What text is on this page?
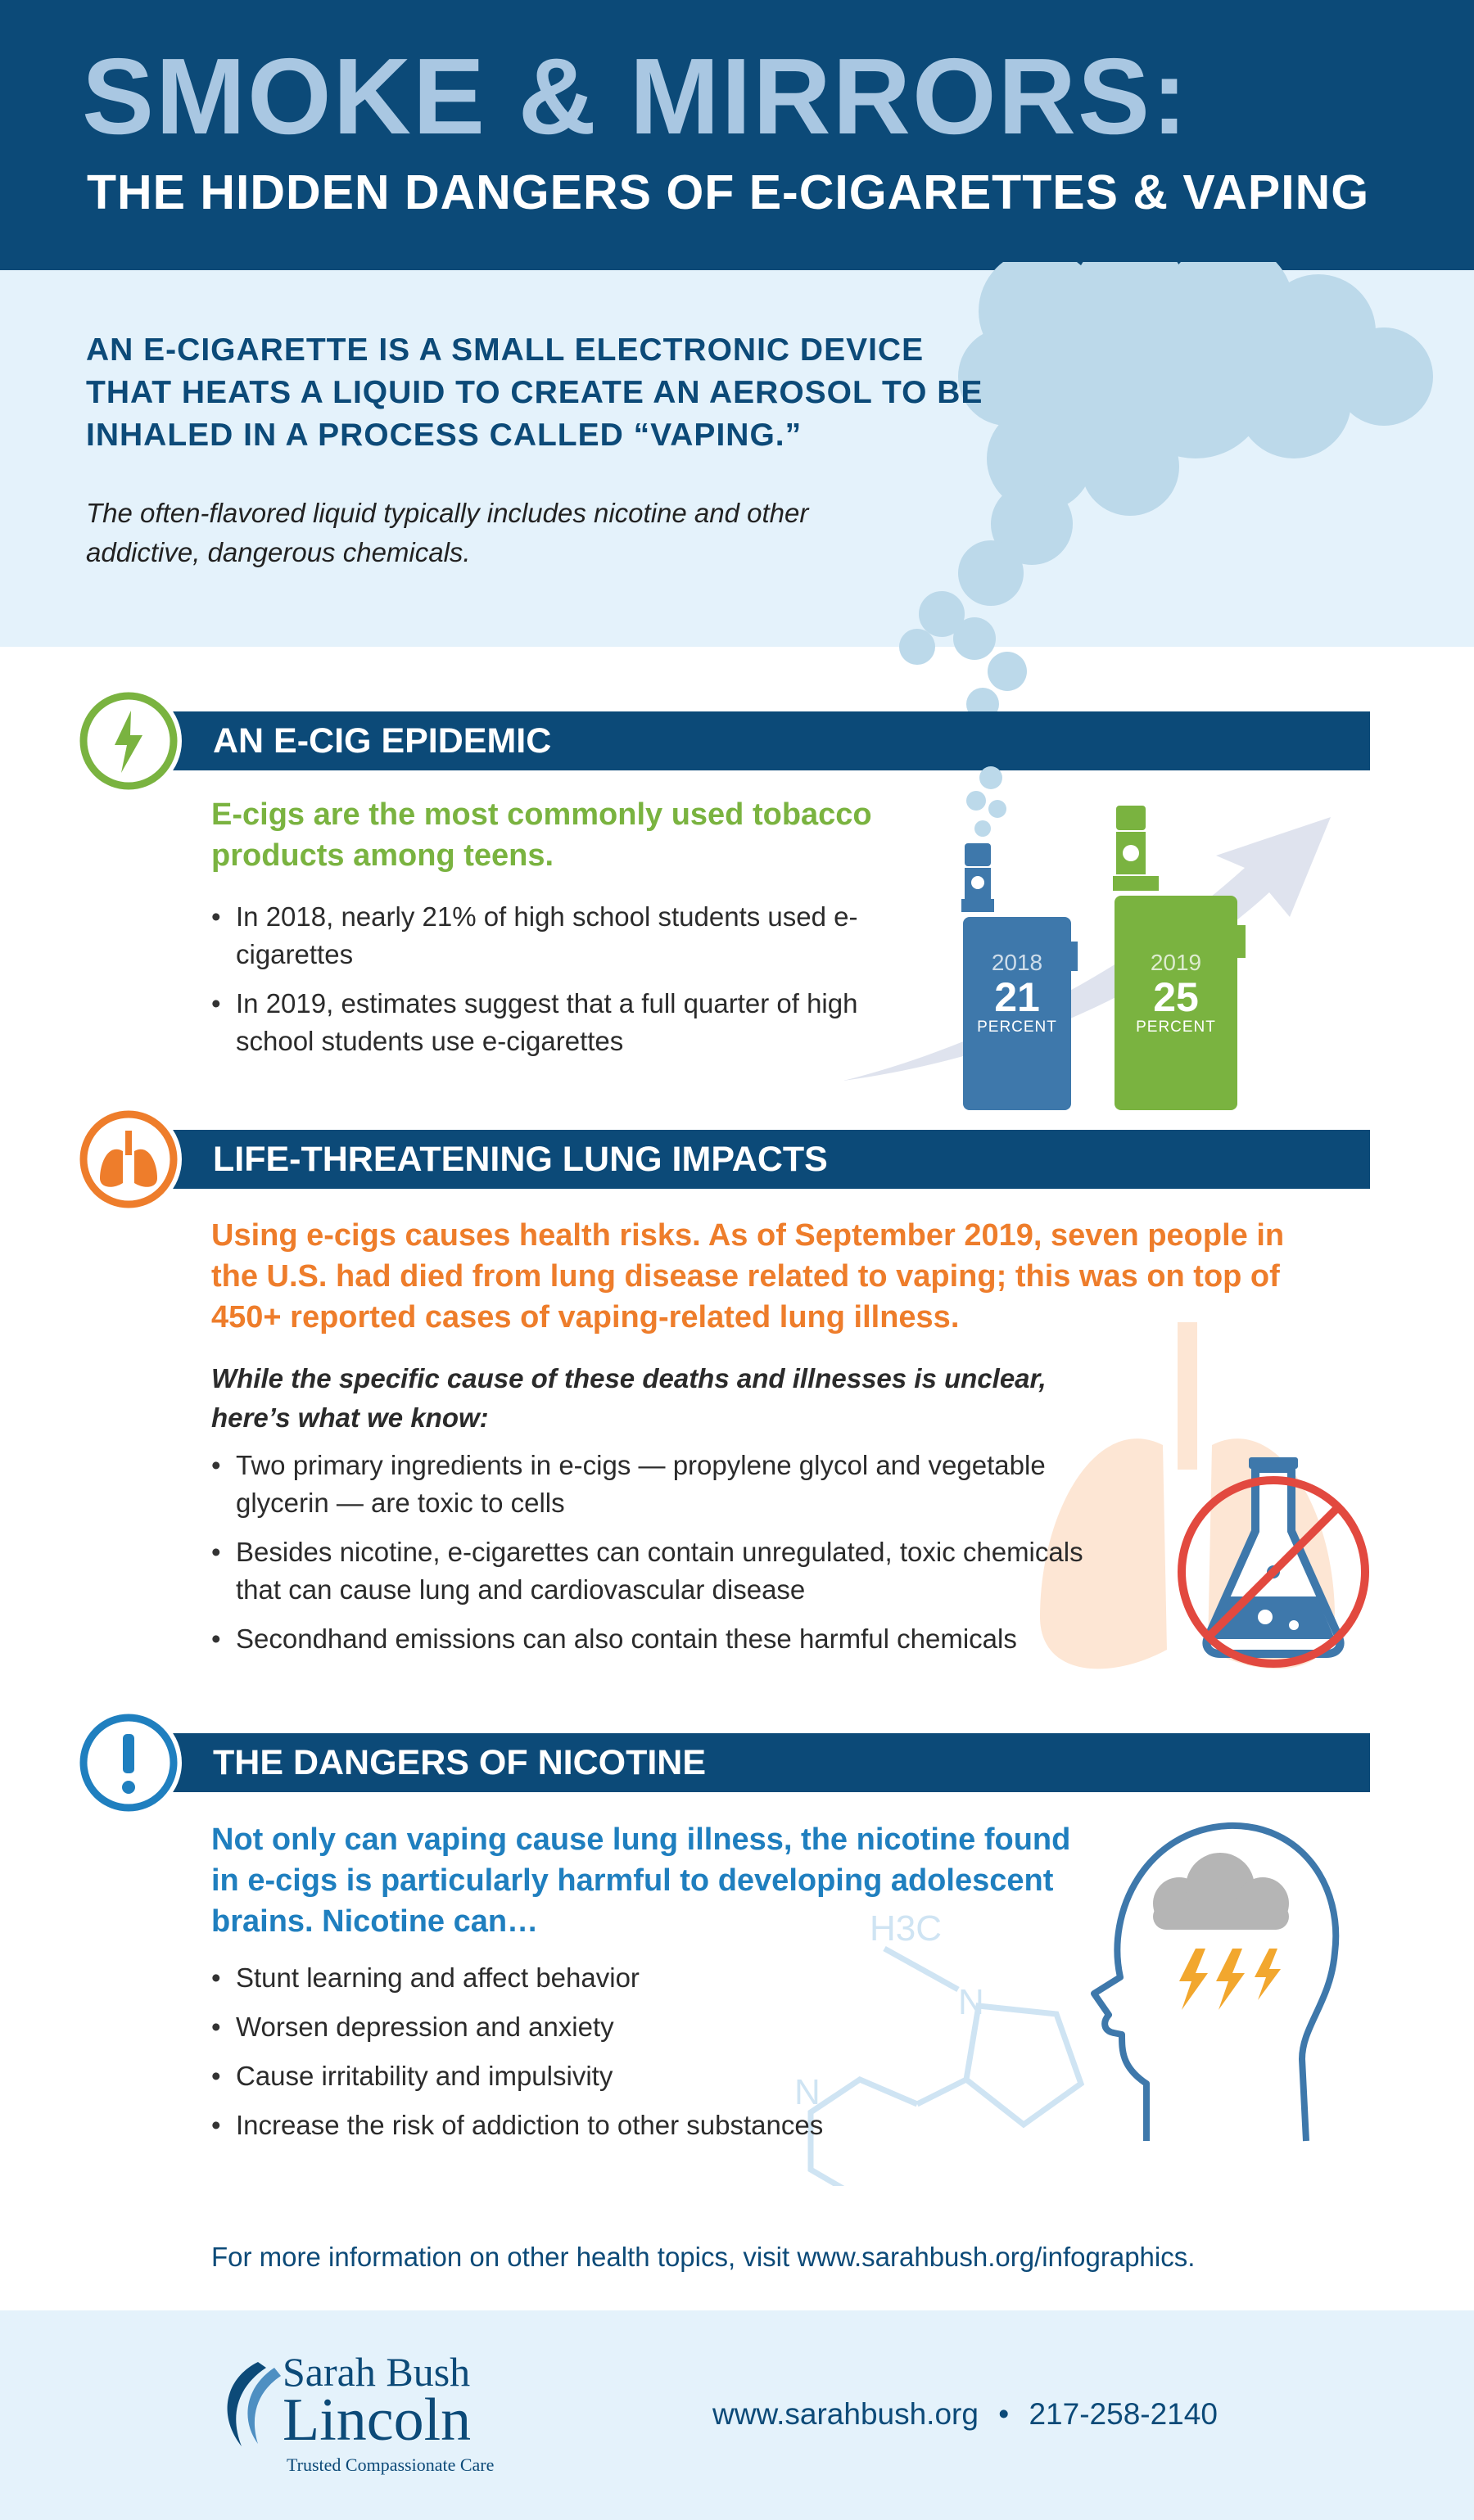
SMOKE & MIRRORS:
THE HIDDEN DANGERS OF E-CIGARETTES & VAPING
AN E-CIGARETTE IS A SMALL ELECTRONIC DEVICE THAT HEATS A LIQUID TO CREATE AN AEROSOL TO BE INHALED IN A PROCESS CALLED “VAPING.”
The often-flavored liquid typically includes nicotine and other addictive, dangerous chemicals.
AN E-CIG EPIDEMIC
E-cigs are the most commonly used tobacco products among teens.
• In 2018, nearly 21% of high school students used e-cigarettes
• In 2019, estimates suggest that a full quarter of high school students use e-cigarettes
2018
21
PERCENT
2019
25
PERCENT
LIFE-THREATENING LUNG IMPACTS
Using e-cigs causes health risks. As of September 2019, seven people in the U.S. had died from lung disease related to vaping; this was on top of 450+ reported cases of vaping-related lung illness.
While the specific cause of these deaths and illnesses is unclear, here’s what we know:
• Two primary ingredients in e-cigs — propylene glycol and vegetable glycerin — are toxic to cells
• Besides nicotine, e-cigarettes can contain unregulated, toxic chemicals that can cause lung and cardiovascular disease
• Secondhand emissions can also contain these harmful chemicals
THE DANGERS OF NICOTINE
Not only can vaping cause lung illness, the nicotine found in e-cigs is particularly harmful to developing adolescent brains. Nicotine can…	H3C
N
N
• Stunt learning and affect behavior
• Worsen depression and anxiety
• Cause irritability and impulsivity
• Increase the risk of addiction to other substances
For more information on other health topics, visit www.sarahbush.org/infographics.
Sarah Bush
Lincoln
Trusted Compassionate Care
www.sarahbush.org • 217-258-2140
